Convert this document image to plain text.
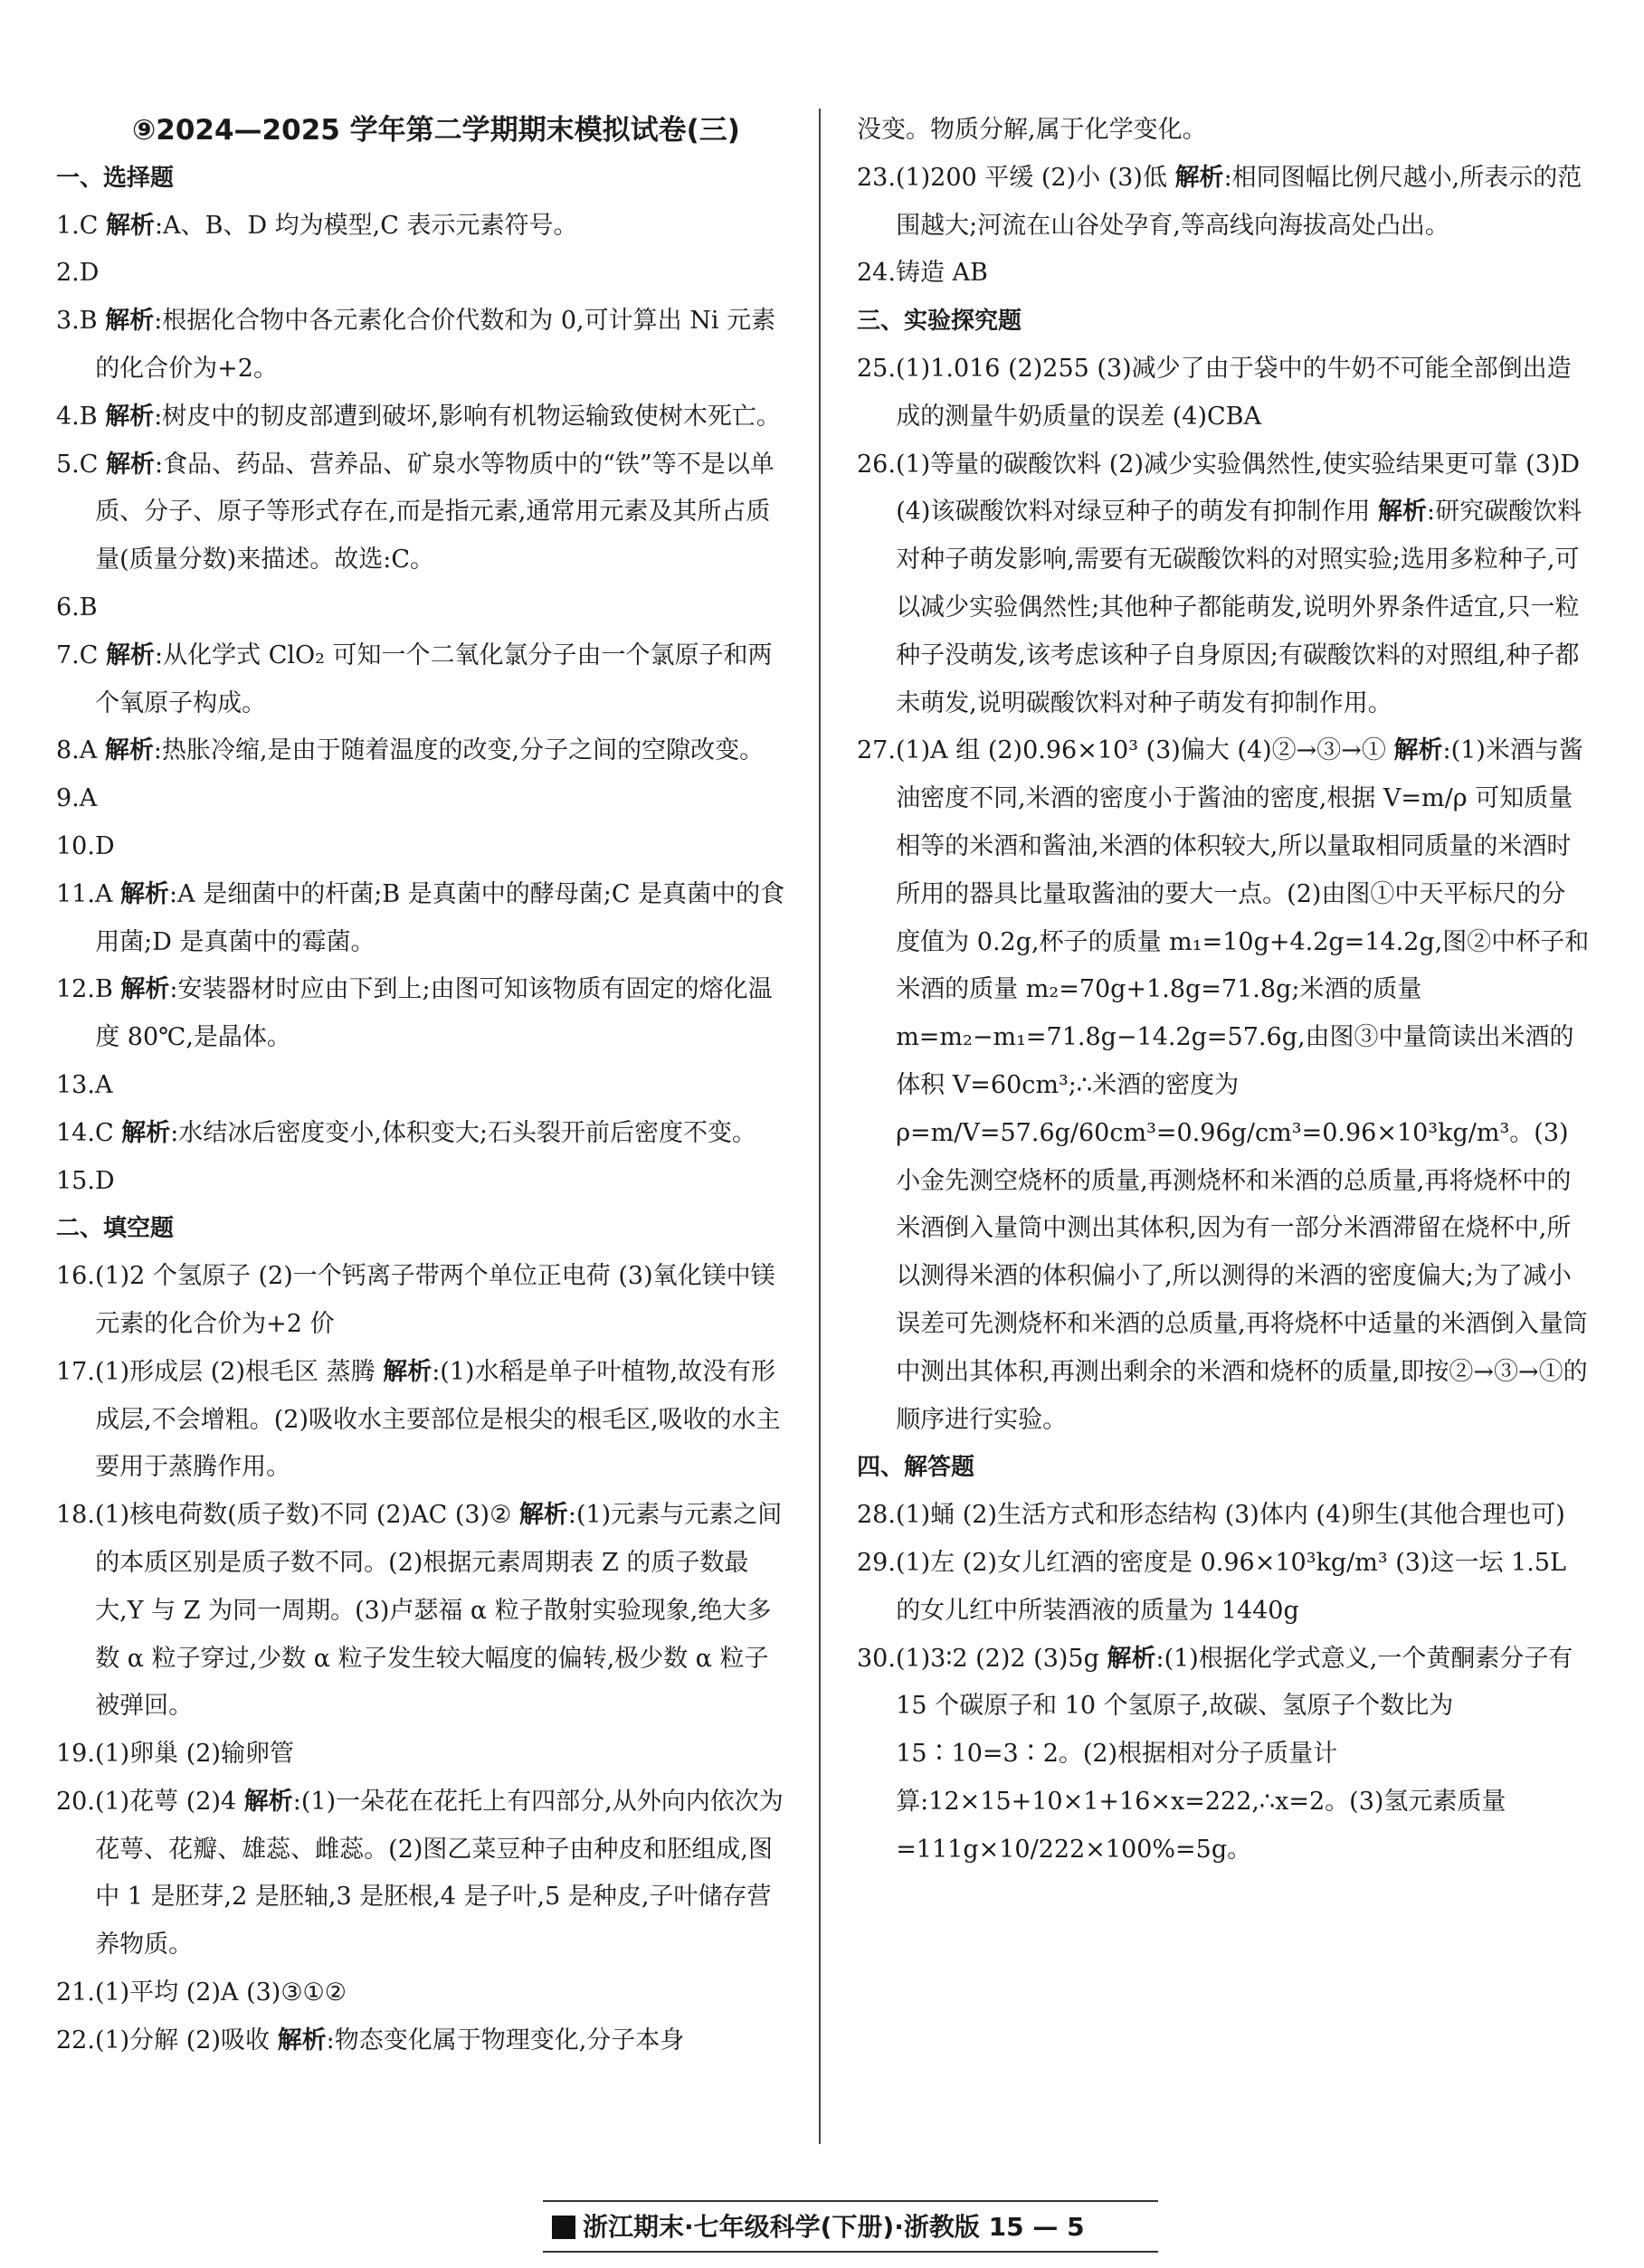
⑨2024—2025 学年第二学期期末模拟试卷(三)
一、选择题
1.C 解析:A、B、D 均为模型,C 表示元素符号。
2.D
3.B 解析:根据化合物中各元素化合价代数和为 0,可计算出 Ni 元素的化合价为+2。
4.B 解析:树皮中的韧皮部遭到破坏,影响有机物运输致使树木死亡。
5.C 解析:食品、药品、营养品、矿泉水等物质中的“铁”等不是以单质、分子、原子等形式存在,而是指元素,通常用元素及其所占质量(质量分数)来描述。故选:C。
6.B
7.C 解析:从化学式 ClO₂ 可知一个二氧化氯分子由一个氯原子和两个氧原子构成。
8.A 解析:热胀冷缩,是由于随着温度的改变,分子之间的空隙改变。
9.A
10.D
11.A 解析:A 是细菌中的杆菌;B 是真菌中的酵母菌;C 是真菌中的食用菌;D 是真菌中的霉菌。
12.B 解析:安装器材时应由下到上;由图可知该物质有固定的熔化温度 80℃,是晶体。
13.A
14.C 解析:水结冰后密度变小,体积变大;石头裂开前后密度不变。
15.D
二、填空题
16.(1)2 个氢原子 (2)一个钙离子带两个单位正电荷 (3)氧化镁中镁元素的化合价为+2 价
17.(1)形成层 (2)根毛区 蒸腾 解析:(1)水稻是单子叶植物,故没有形成层,不会增粗。(2)吸收水主要部位是根尖的根毛区,吸收的水主要用于蒸腾作用。
18.(1)核电荷数(质子数)不同 (2)AC (3)② 解析:(1)元素与元素之间的本质区别是质子数不同。(2)根据元素周期表 Z 的质子数最大,Y 与 Z 为同一周期。(3)卢瑟福 α 粒子散射实验现象,绝大多数 α 粒子穿过,少数 α 粒子发生较大幅度的偏转,极少数 α 粒子被弹回。
19.(1)卵巢 (2)输卵管
20.(1)花萼 (2)4 解析:(1)一朵花在花托上有四部分,从外向内依次为花萼、花瓣、雄蕊、雌蕊。(2)图乙菜豆种子由种皮和胚组成,图中 1 是胚芽,2 是胚轴,3 是胚根,4 是子叶,5 是种皮,子叶储存营养物质。
21.(1)平均 (2)A (3)③①②
22.(1)分解 (2)吸收 解析:物态变化属于物理变化,分子本身
没变。物质分解,属于化学变化。
23.(1)200 平缓 (2)小 (3)低 解析:相同图幅比例尺越小,所表示的范围越大;河流在山谷处孕育,等高线向海拔高处凸出。
24.铸造 AB
三、实验探究题
25.(1)1.016 (2)255 (3)减少了由于袋中的牛奶不可能全部倒出造成的测量牛奶质量的误差 (4)CBA
26.(1)等量的碳酸饮料 (2)减少实验偶然性,使实验结果更可靠 (3)D (4)该碳酸饮料对绿豆种子的萌发有抑制作用 解析:研究碳酸饮料对种子萌发影响,需要有无碳酸饮料的对照实验;选用多粒种子,可以减少实验偶然性;其他种子都能萌发,说明外界条件适宜,只一粒种子没萌发,该考虑该种子自身原因;有碳酸饮料的对照组,种子都未萌发,说明碳酸饮料对种子萌发有抑制作用。
27.(1)A 组 (2)0.96×10³ (3)偏大 (4)②→③→① 解析:(1)米酒与酱油密度不同,米酒的密度小于酱油的密度,根据 V=m/ρ 可知质量相等的米酒和酱油,米酒的体积较大,所以量取相同质量的米酒时所用的器具比量取酱油的要大一点。(2)由图①中天平标尺的分度值为 0.2g,杯子的质量 m₁=10g+4.2g=14.2g,图②中杯子和米酒的质量 m₂=70g+1.8g=71.8g;米酒的质量 m=m₂−m₁=71.8g−14.2g=57.6g,由图③中量筒读出米酒的体积 V=60cm³;∴米酒的密度为 ρ=m/V=57.6g/60cm³=0.96g/cm³=0.96×10³kg/m³。(3)小金先测空烧杯的质量,再测烧杯和米酒的总质量,再将烧杯中的米酒倒入量筒中测出其体积,因为有一部分米酒滞留在烧杯中,所以测得米酒的体积偏小了,所以测得的米酒的密度偏大;为了减小误差可先测烧杯和米酒的总质量,再将烧杯中适量的米酒倒入量筒中测出其体积,再测出剩余的米酒和烧杯的质量,即按②→③→①的顺序进行实验。
四、解答题
28.(1)蛹 (2)生活方式和形态结构 (3)体内 (4)卵生(其他合理也可)
29.(1)左 (2)女儿红酒的密度是 0.96×10³kg/m³ (3)这一坛 1.5L 的女儿红中所装酒液的质量为 1440g
30.(1)3∶2 (2)2 (3)5g 解析:(1)根据化学式意义,一个黄酮素分子有 15 个碳原子和 10 个氢原子,故碳、氢原子个数比为 15∶10=3∶2。(2)根据相对分子质量计算:12×15+10×1+16×x=222,∴x=2。(3)氢元素质量=111g×10/222×100%=5g。
浙江期末·七年级科学(下册)·浙教版 15 — 5
